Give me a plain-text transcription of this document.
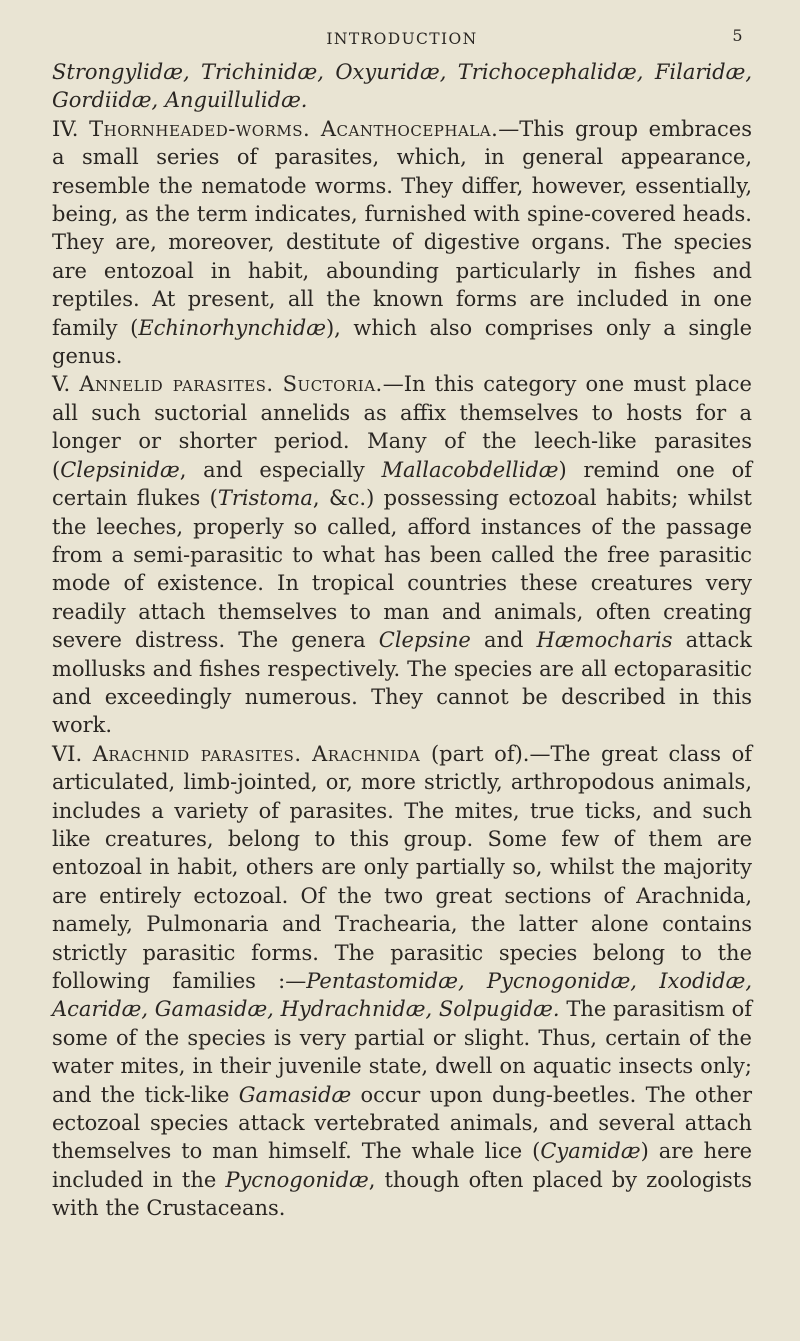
INTRODUCTION	5

Strongylidæ, Trichinidæ, Oxyuridæ, Trichocephalidæ, Filaridæ, Gordiidæ, Anguillulidæ.

IV. Thornheaded-worms. Acanthocephala.—This group embraces a small series of parasites, which, in general appearance, resemble the nematode worms. They differ, however, essentially, being, as the term indicates, furnished with spine-covered heads. They are, moreover, destitute of digestive organs. The species are entozoal in habit, abounding particularly in fishes and reptiles. At present, all the known forms are included in one family (Echinorhynchidæ), which also comprises only a single genus.

V. Annelid parasites. Suctoria.—In this category one must place all such suctorial annelids as affix themselves to hosts for a longer or shorter period. Many of the leech-like parasites (Clepsinidæ, and especially Mallacobdellidæ) remind one of certain flukes (Tristoma, &c.) possessing ectozoal habits; whilst the leeches, properly so called, afford instances of the passage from a semi-parasitic to what has been called the free parasitic mode of existence. In tropical countries these creatures very readily attach themselves to man and animals, often creating severe distress. The genera Clepsine and Hæmocharis attack mollusks and fishes respectively. The species are all ectoparasitic and exceedingly numerous. They cannot be described in this work.

VI. Arachnid parasites. Arachnida (part of).—The great class of articulated, limb-jointed, or, more strictly, arthropodous animals, includes a variety of parasites. The mites, true ticks, and such like creatures, belong to this group. Some few of them are entozoal in habit, others are only partially so, whilst the majority are entirely ectozoal. Of the two great sections of Arachnida, namely, Pulmonaria and Trachearia, the latter alone contains strictly parasitic forms. The parasitic species belong to the following families :—Pentastomidæ, Pycnogonidæ, Ixodidæ, Acaridæ, Gamasidæ, Hydrachnidæ, Solpugidæ. The parasitism of some of the species is very partial or slight. Thus, certain of the water mites, in their juvenile state, dwell on aquatic insects only; and the tick-like Gamasidæ occur upon dung-beetles. The other ectozoal species attack vertebrated animals, and several attach themselves to man himself. The whale lice (Cyamidæ) are here included in the Pycnogonidæ, though often placed by zoologists with the Crustaceans.
